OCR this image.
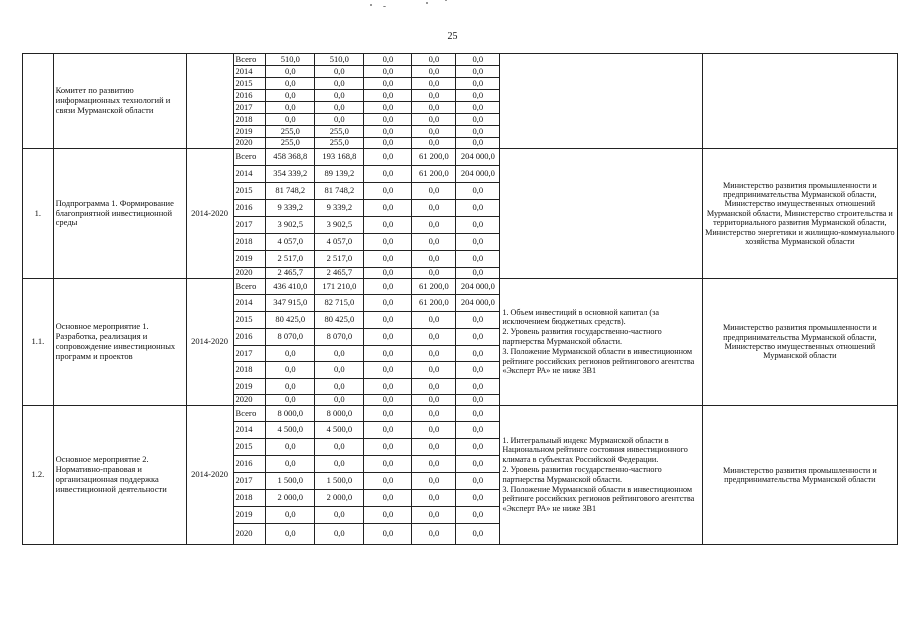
25
	Комитет по развитию информационных технологий и связи Мурманской области		Всего	510,0	510,0	0,0	0,0	0,0		
			2014	0,0	0,0	0,0	0,0	0,0		
			2015	0,0	0,0	0,0	0,0	0,0		
			2016	0,0	0,0	0,0	0,0	0,0		
			2017	0,0	0,0	0,0	0,0	0,0		
			2018	0,0	0,0	0,0	0,0	0,0		
			2019	255,0	255,0	0,0	0,0	0,0		
			2020	255,0	255,0	0,0	0,0	0,0		
1.	Подпрограмма 1. Формирование благоприятной инвестиционной среды	2014-2020	Всего	458 368,8	193 168,8	0,0	61 200,0	204 000,0		Министерство развития промышленности и предпринимательства Мурманской области, Министерство имущественных отношений Мурманской области, Министерство строительства и территориального развития Мурманской области, Министерство энергетики и жилищно-коммунального хозяйства Мурманской области

			2014	354 339,2	89 139,2	0,0	61 200,0	204 000,0		
			2015	81 748,2	81 748,2	0,0	0,0	0,0		
			2016	9 339,2	9 339,2	0,0	0,0	0,0		
			2017	3 902,5	3 902,5	0,0	0,0	0,0		
			2018	4 057,0	4 057,0	0,0	0,0	0,0		
			2019	2 517,0	2 517,0	0,0	0,0	0,0		
			2020	2 465,7	2 465,7	0,0	0,0	0,0		
1.1.	Основное мероприятие 1. Разработка, реализация и сопровождение инвестиционных программ и проектов	2014-2020	Всего	436 410,0	171 210,0	0,0	61 200,0	204 000,0	1. Объем инвестиций в основной капитал (за исключением бюджетных средств).
2. Уровень развития государственно-частного партнерства Мурманской области.
3. Положение Мурманской области в инвестиционном рейтинге российских регионов рейтингового агентства «Эксперт РА» не ниже 3В1	Министерство развития промышленности и предпринимательства Мурманской области, Министерство имущественных отношений Мурманской области

			2014	347 915,0	82 715,0	0,0	61 200,0	204 000,0		
			2015	80 425,0	80 425,0	0,0	0,0	0,0		
			2016	8 070,0	8 070,0	0,0	0,0	0,0		
			2017	0,0	0,0	0,0	0,0	0,0		
			2018	0,0	0,0	0,0	0,0	0,0		
			2019	0,0	0,0	0,0	0,0	0,0		
			2020	0,0	0,0	0,0	0,0	0,0		
1.2.	Основное мероприятие 2. Нормативно-правовая и организационная поддержка инвестиционной деятельности	2014-2020	Всего	8 000,0	8 000,0	0,0	0,0	0,0	1. Интегральный индекс Мурманской области в Национальном рейтинге состояния инвестиционного климата в субъектах Российской Федерации.
2. Уровень развития государственно-частного партнерства Мурманской области.
3. Положение Мурманской области в инвестиционном рейтинге российских регионов рейтингового агентства «Эксперт РА» не ниже 3В1	Министерство развития промышленности и предпринимательства Мурманской области

			2014	4 500,0	4 500,0	0,0	0,0	0,0		
			2015	0,0	0,0	0,0	0,0	0,0		
			2016	0,0	0,0	0,0	0,0	0,0		
			2017	1 500,0	1 500,0	0,0	0,0	0,0		
			2018	2 000,0	2 000,0	0,0	0,0	0,0		
			2019	0,0	0,0	0,0	0,0	0,0		
			2020	0,0	0,0	0,0	0,0	0,0		
